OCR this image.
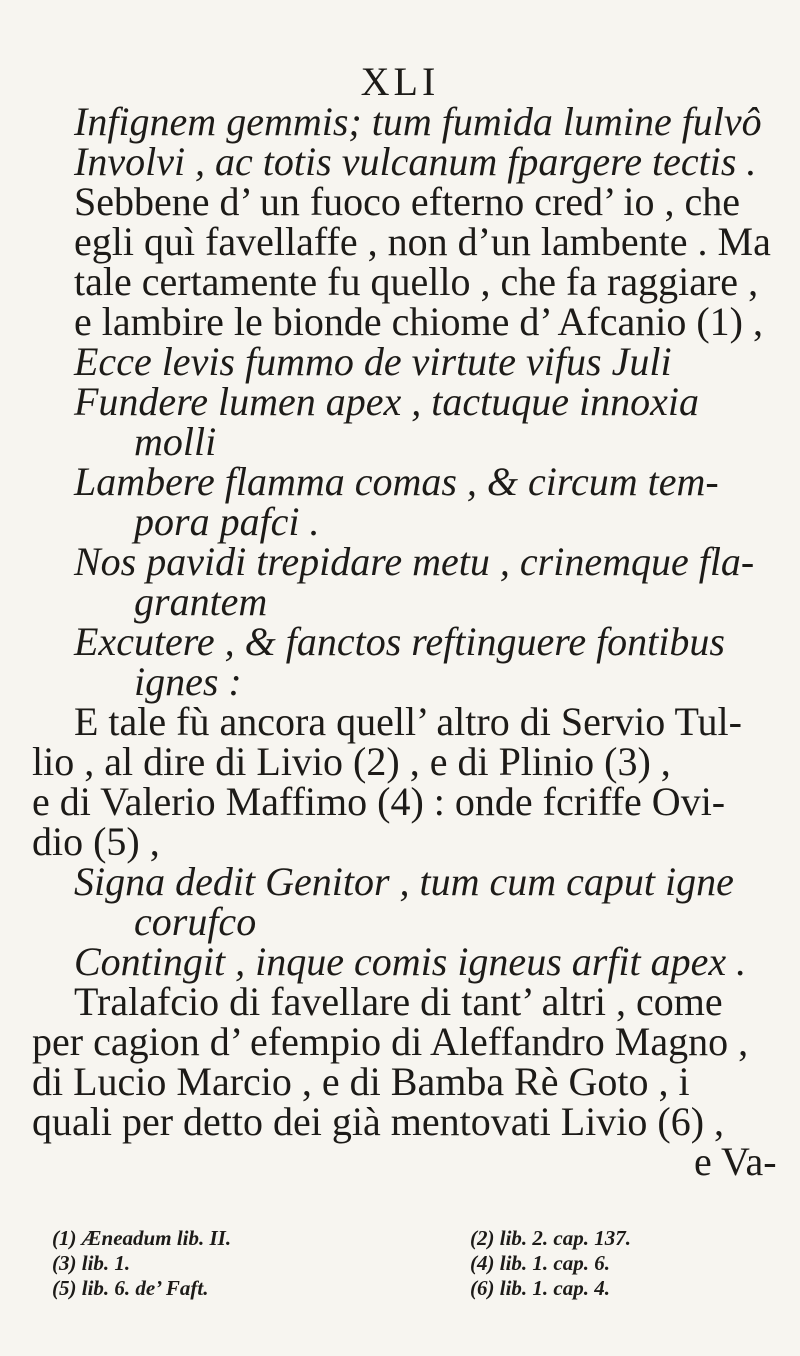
XLI
Infignem gemmis; tum fumida lumine fulvô
Involvi , ac totis vulcanum fpargere tectis .
Sebbene d’ un fuoco efterno cred’ io , che
egli quì favellaffe , non d’un lambente . Ma
tale certamente fu quello , che fa raggiare ,
e lambire le bionde chiome d’ Afcanio (1) ,
Ecce levis fummo de virtute vifus Juli
Fundere lumen apex , tactuque innoxia
molli
Lambere flamma comas , & circum tem-
pora pafci .
Nos pavidi trepidare metu , crinemque fla-
grantem
Excutere , & fanctos reftinguere fontibus
ignes :
E tale fù ancora quell’ altro di Servio Tul-
lio , al dire di Livio (2) , e di Plinio (3) ,
e di Valerio Maffimo (4) : onde fcriffe Ovi-
dio (5) ,
Signa dedit Genitor , tum cum caput igne
corufco
Contingit , inque comis igneus arfit apex .
Tralafcio di favellare di tant’ altri , come
per cagion d’ efempio di Aleffandro Magno ,
di Lucio Marcio , e di Bamba Rè Goto , i
quali per detto dei già mentovati Livio (6) ,
e Va-
(1) Æneadum lib. II.
(3) lib. 1.
(5) lib. 6. de’ Faft.
(2) lib. 2. cap. 137.
(4) lib. 1. cap. 6.
(6) lib. 1. cap. 4.
